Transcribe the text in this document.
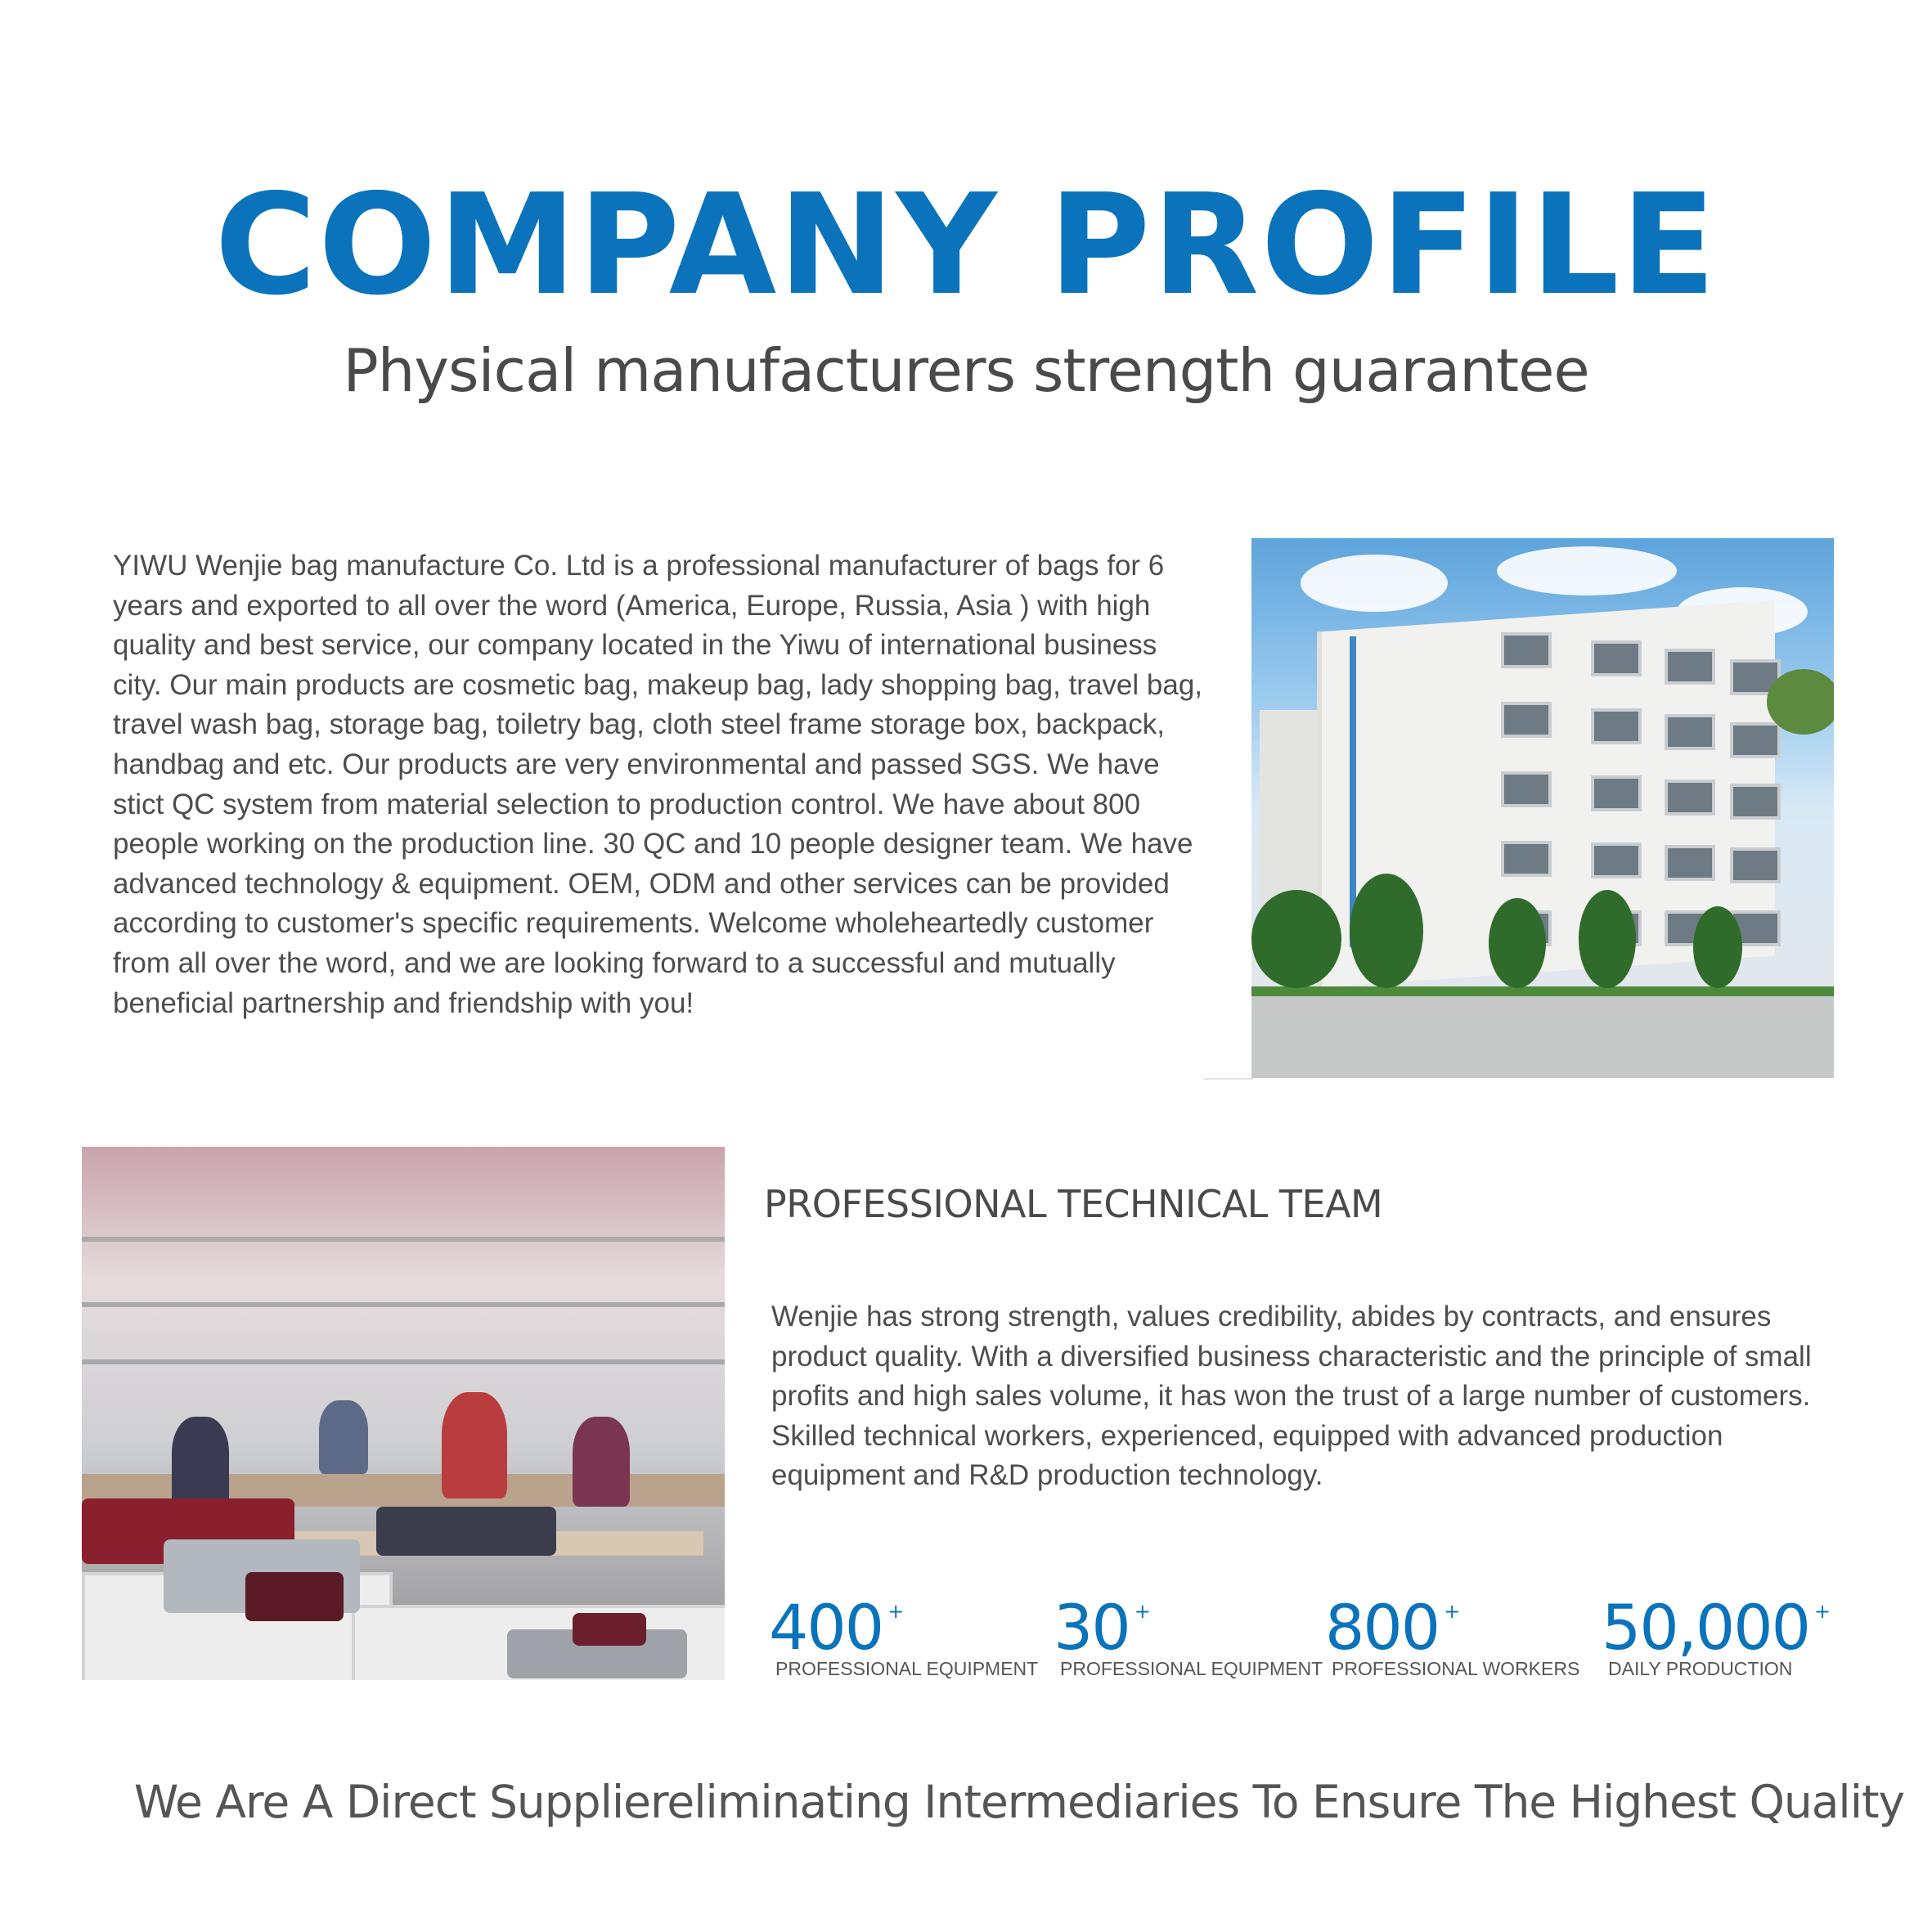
COMPANY PROFILE
Physical manufacturers strength guarantee

YIWU Wenjie bag manufacture Co. Ltd is a professional manufacturer of bags for 6 years and exported to all over the word (America, Europe, Russia, Asia ) with high quality and best service, our company located in the Yiwu of international business city. Our main products are cosmetic bag, makeup bag, lady shopping bag, travel bag, travel wash bag, storage bag, toiletry bag, cloth steel frame storage box, backpack, handbag and etc. Our products are very environmental and passed SGS. We have stict QC system from material selection to production control. We have about 800 people working on the production line. 30 QC and 10 people designer team. We have advanced technology & equipment. OEM, ODM and other services can be provided according to customer's specific requirements. Welcome wholeheartedly customer from all over the word, and we are looking forward to a successful and mutually beneficial partnership and friendship with you!

PROFESSIONAL TECHNICAL TEAM

Wenjie has strong strength, values credibility, abides by contracts, and ensures product quality. With a diversified business characteristic and the principle of small profits and high sales volume, it has won the trust of a large number of customers. Skilled technical workers, experienced, equipped with advanced production equipment and R&D production technology.

400 +
PROFESSIONAL EQUIPMENT
30 +
PROFESSIONAL EQUIPMENT
800 +
PROFESSIONAL WORKERS
50,000 +
DAILY PRODUCTION
We Are A Direct Suppliereliminating Intermediaries To Ensure The Highest Quality
